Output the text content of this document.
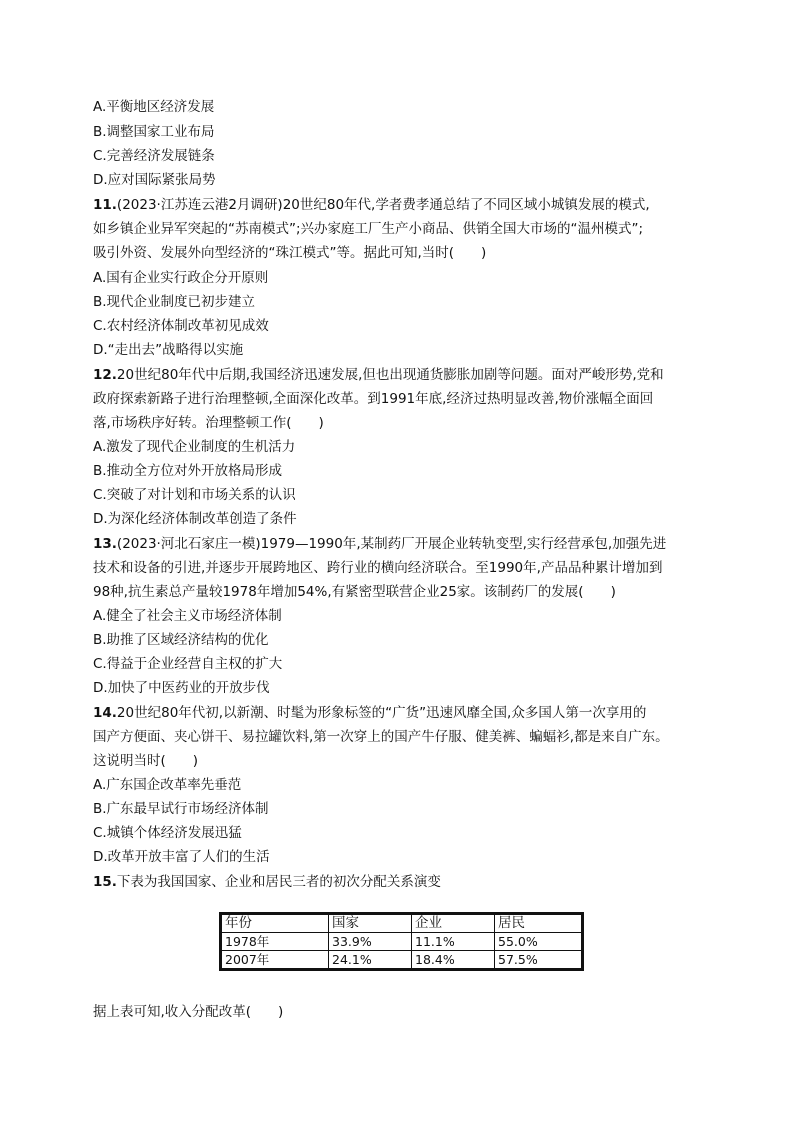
A.平衡地区经济发展
B.调整国家工业布局
C.完善经济发展链条
D.应对国际紧张局势
11.(2023·江苏连云港2月调研)20世纪80年代,学者费孝通总结了不同区域小城镇发展的模式,
如乡镇企业异军突起的“苏南模式”;兴办家庭工厂生产小商品、供销全国大市场的“温州模式”;
吸引外资、发展外向型经济的“珠江模式”等。据此可知,当时(　　)
A.国有企业实行政企分开原则
B.现代企业制度已初步建立
C.农村经济体制改革初见成效
D.“走出去”战略得以实施
12.20世纪80年代中后期,我国经济迅速发展,但也出现通货膨胀加剧等问题。面对严峻形势,党和
政府探索新路子进行治理整顿,全面深化改革。到1991年底,经济过热明显改善,物价涨幅全面回
落,市场秩序好转。治理整顿工作(　　)
A.激发了现代企业制度的生机活力
B.推动全方位对外开放格局形成
C.突破了对计划和市场关系的认识
D.为深化经济体制改革创造了条件
13.(2023·河北石家庄一模)1979—1990年,某制药厂开展企业转轨变型,实行经营承包,加强先进
技术和设备的引进,并逐步开展跨地区、跨行业的横向经济联合。至1990年,产品品种累计增加到
98种,抗生素总产量较1978年增加54%,有紧密型联营企业25家。该制药厂的发展(　　)
A.健全了社会主义市场经济体制
B.助推了区域经济结构的优化
C.得益于企业经营自主权的扩大
D.加快了中医药业的开放步伐
14.20世纪80年代初,以新潮、时髦为形象标签的“广货”迅速风靡全国,众多国人第一次享用的
国产方便面、夹心饼干、易拉罐饮料,第一次穿上的国产牛仔服、健美裤、蝙蝠衫,都是来自广东。
这说明当时(　　)
A.广东国企改革率先垂范
B.广东最早试行市场经济体制
C.城镇个体经济发展迅猛
D.改革开放丰富了人们的生活
15.下表为我国国家、企业和居民三者的初次分配关系演变
年份	国家	企业	居民
1978年	33.9%	11.1%	55.0%
2007年	24.1%	18.4%	57.5%
据上表可知,收入分配改革(　　)
